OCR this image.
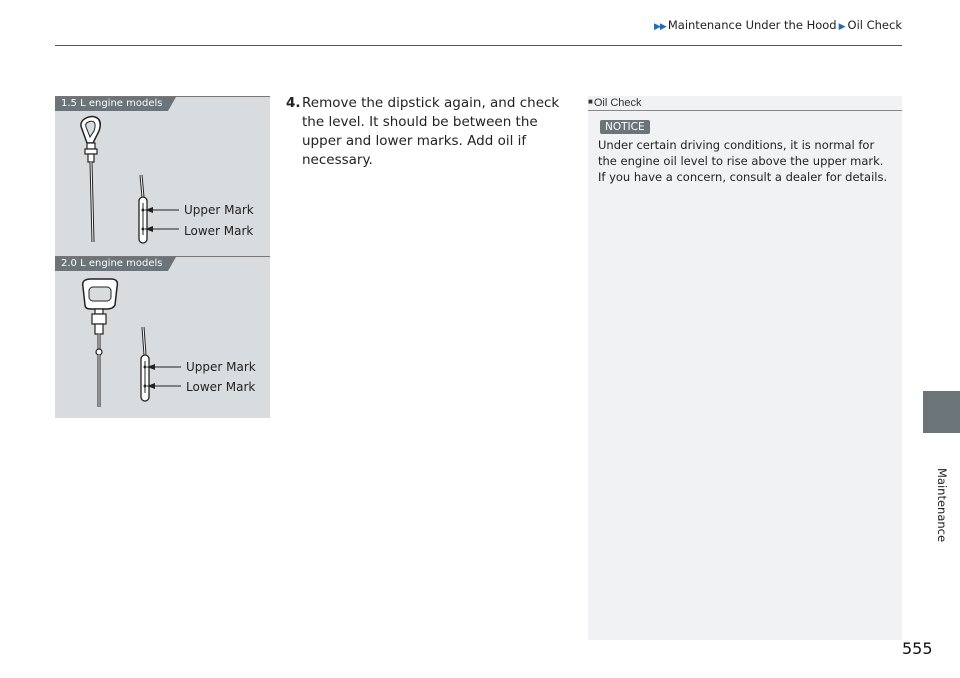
▶▶ Maintenance Under the Hood ▶ Oil Check
1.5 L engine models
Upper Mark
Lower Mark
2.0 L engine models
Upper Mark
Lower Mark
4. Remove the dipstick again, and check the level. It should be between the upper and lower marks. Add oil if necessary.
■Oil Check
NOTICE
Under certain driving conditions, it is normal for the engine oil level to rise above the upper mark. If you have a concern, consult a dealer for details.
Maintenance
555
